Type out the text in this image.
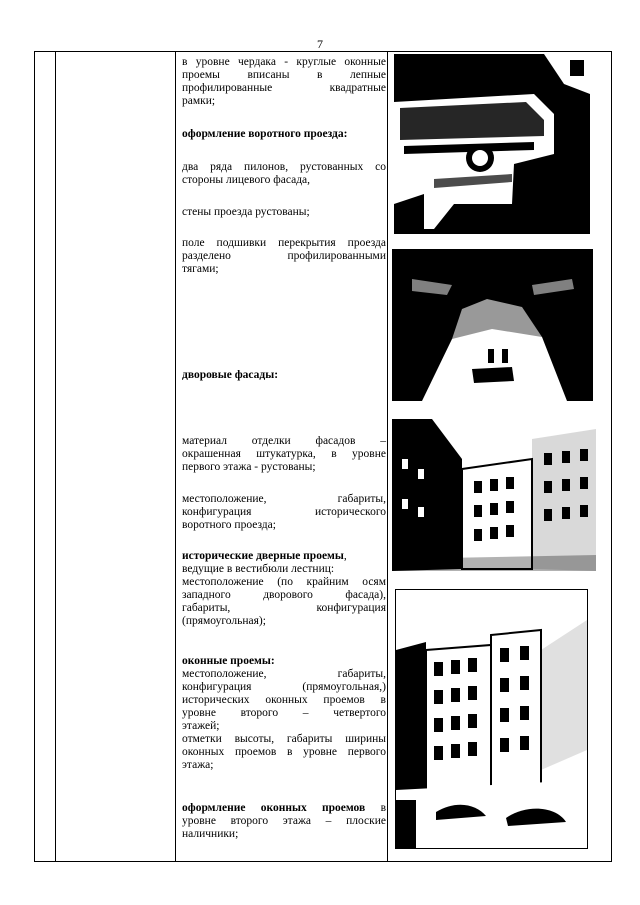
7
в уровне чердака - круглые оконные
проемы вписаны в лепные
профилированные квадратные
рамки;
оформление воротного проезда:
два ряда пилонов, рустованных со
стороны лицевого фасада,
стены проезда рустованы;
поле подшивки перекрытия проезда
разделено профилированными
тягами;
дворовые фасады:
материал отделки фасадов –
окрашенная штукатурка, в уровне
первого этажа - рустованы;
местоположение, габариты,
конфигурация исторического
воротного проезда;
исторические дверные проемы,
ведущие в вестибюли лестниц:
местоположение (по крайним осям
западного дворового фасада),
габариты, конфигурация
(прямоугольная);
оконные проемы:
местоположение, габариты,
конфигурация (прямоугольная,)
исторических оконных проемов в
уровне второго – четвертого
этажей;
отметки высоты, габариты ширины
оконных проемов в уровне первого
этажа;
оформление оконных проемов в
уровне второго этажа – плоские
наличники;
